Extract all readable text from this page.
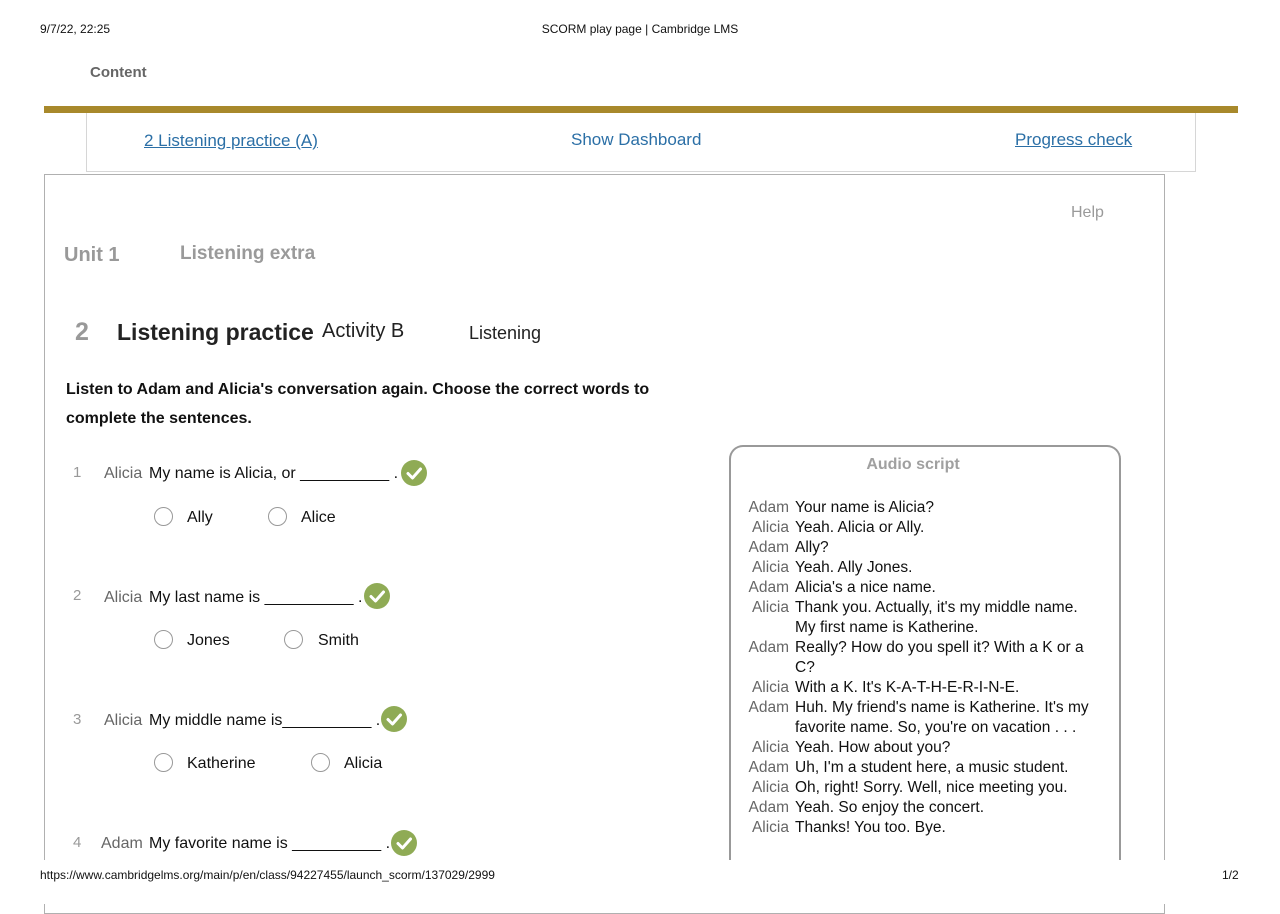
9/7/22, 22:25	SCORM play page | Cambridge LMS
Content
2 Listening practice (A)	Show Dashboard	Progress check
Help
Unit 1	Listening extra
2 Listening practice Activity B	Listening
Listen to Adam and Alicia's conversation again. Choose the correct words to complete the sentences.
1 Alicia My name is Alicia, or __________ .
Ally	Alice
2 Alicia My last name is __________ .
Jones	Smith
3 Alicia My middle name is__________ .
Katherine	Alicia
4 Adam My favorite name is __________ .
Audio script
Adam Your name is Alicia?
Alicia Yeah. Alicia or Ally.
Adam Ally?
Alicia Yeah. Ally Jones.
Adam Alicia's a nice name.
Alicia Thank you. Actually, it's my middle name.
My first name is Katherine.
Adam Really? How do you spell it? With a K or a
C?
Alicia With a K. It's K-A-T-H-E-R-I-N-E.
Adam Huh. My friend's name is Katherine. It's my
favorite name. So, you're on vacation . . .
Alicia Yeah. How about you?
Adam Uh, I'm a student here, a music student.
Alicia Oh, right! Sorry. Well, nice meeting you.
Adam Yeah. So enjoy the concert.
Alicia Thanks! You too. Bye.
https://www.cambridgelms.org/main/p/en/class/94227455/launch_scorm/137029/2999	1/2
